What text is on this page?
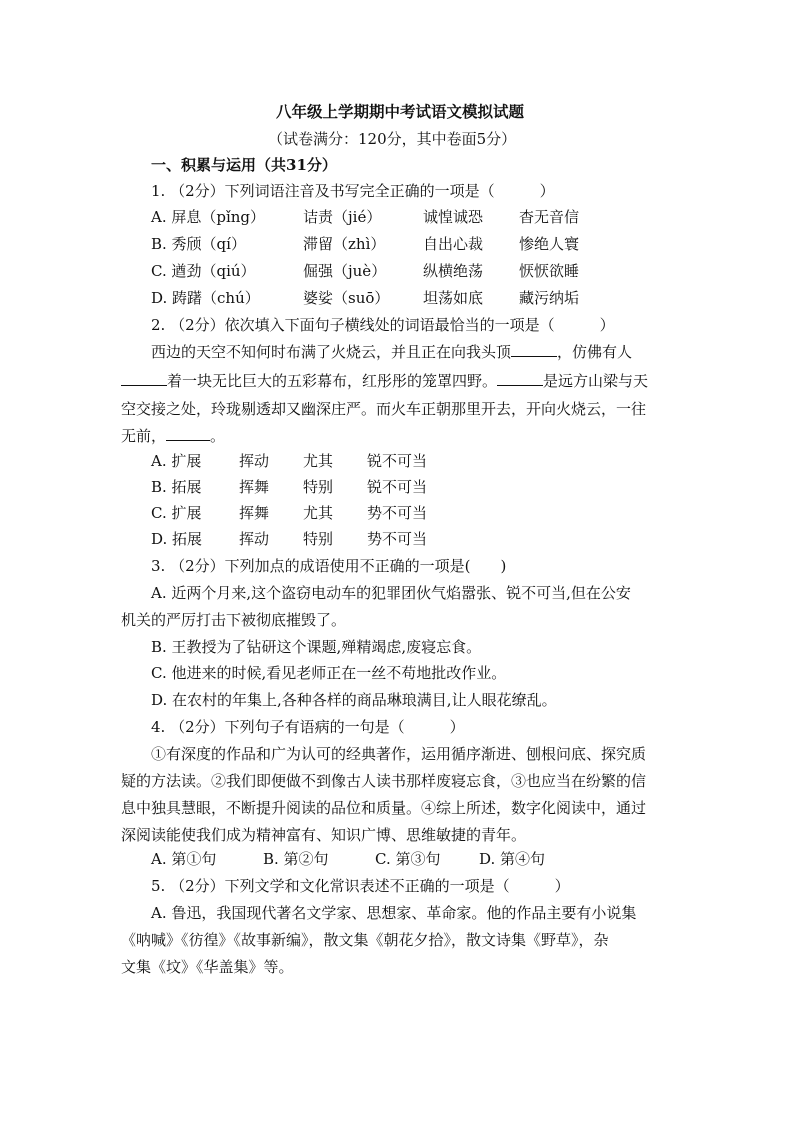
八年级上学期期中考试语文模拟试题
（试卷满分：120分，其中卷面5分）
一、积累与运用（共31分）
1. （2分）下列词语注音及书写完全正确的一项是（　　　）
A. 屏息（pǐng）	诘责（jié）	诚惶诚恐 杳无音信
B. 秀颀（qí）	滞留（zhì）	自出心裁 惨绝人寰
C. 遒劲（qiú）	倔强（juè） 纵横绝荡 恹恹欲睡
D. 踌躇（chú）	婆娑（suō） 坦荡如底 藏污纳垢
2. （2分）依次填入下面句子横线处的词语最恰当的一项是（　　　）
西边的天空不知何时布满了火烧云，并且正在向我头顶	，仿佛有人
着一块无比巨大的五彩幕布，红彤彤的笼罩四野。	是远方山梁与天
空交接之处，玲珑剔透却又幽深庄严。而火车正朝那里开去，开向火烧云，一往
无前，	。
A. 扩展	挥动 尤其 锐不可当
B. 拓展 挥舞 特别 锐不可当
C. 扩展	挥舞 尤其 势不可当
D. 拓展 挥动 特别 势不可当
3. （2分）下列加点的成语使用不正确的一项是(　　)
A. 近两个月来,这个盗窃电动车的犯罪团伙气焰嚣张、锐不可当,但在公安
机关的严厉打击下被彻底摧毁了。
B. 王教授为了钻研这个课题,殚精竭虑,废寝忘食。
C. 他进来的时候,看见老师正在一丝不苟地批改作业。
D. 在农村的年集上,各种各样的商品琳琅满目,让人眼花缭乱。
4. （2分）下列句子有语病的一句是（　　　）
①有深度的作品和广为认可的经典著作，运用循序渐进、刨根问底、探究质
疑的方法读。②我们即便做不到像古人读书那样废寝忘食，③也应当在纷繁的信
息中独具慧眼，不断提升阅读的品位和质量。④综上所述，数字化阅读中，通过
深阅读能使我们成为精神富有、知识广博、思维敏捷的青年。
A. 第①句	B. 第②句	C. 第③句	D. 第④句
5. （2分）下列文学和文化常识表述不正确的一项是（　　　）
A. 鲁迅，我国现代著名文学家、思想家、革命家。他的作品主要有小说集
《呐喊》《彷徨》《故事新编》，散文集《朝花夕拾》，散文诗集《野草》，杂
文集《坟》《华盖集》等。
